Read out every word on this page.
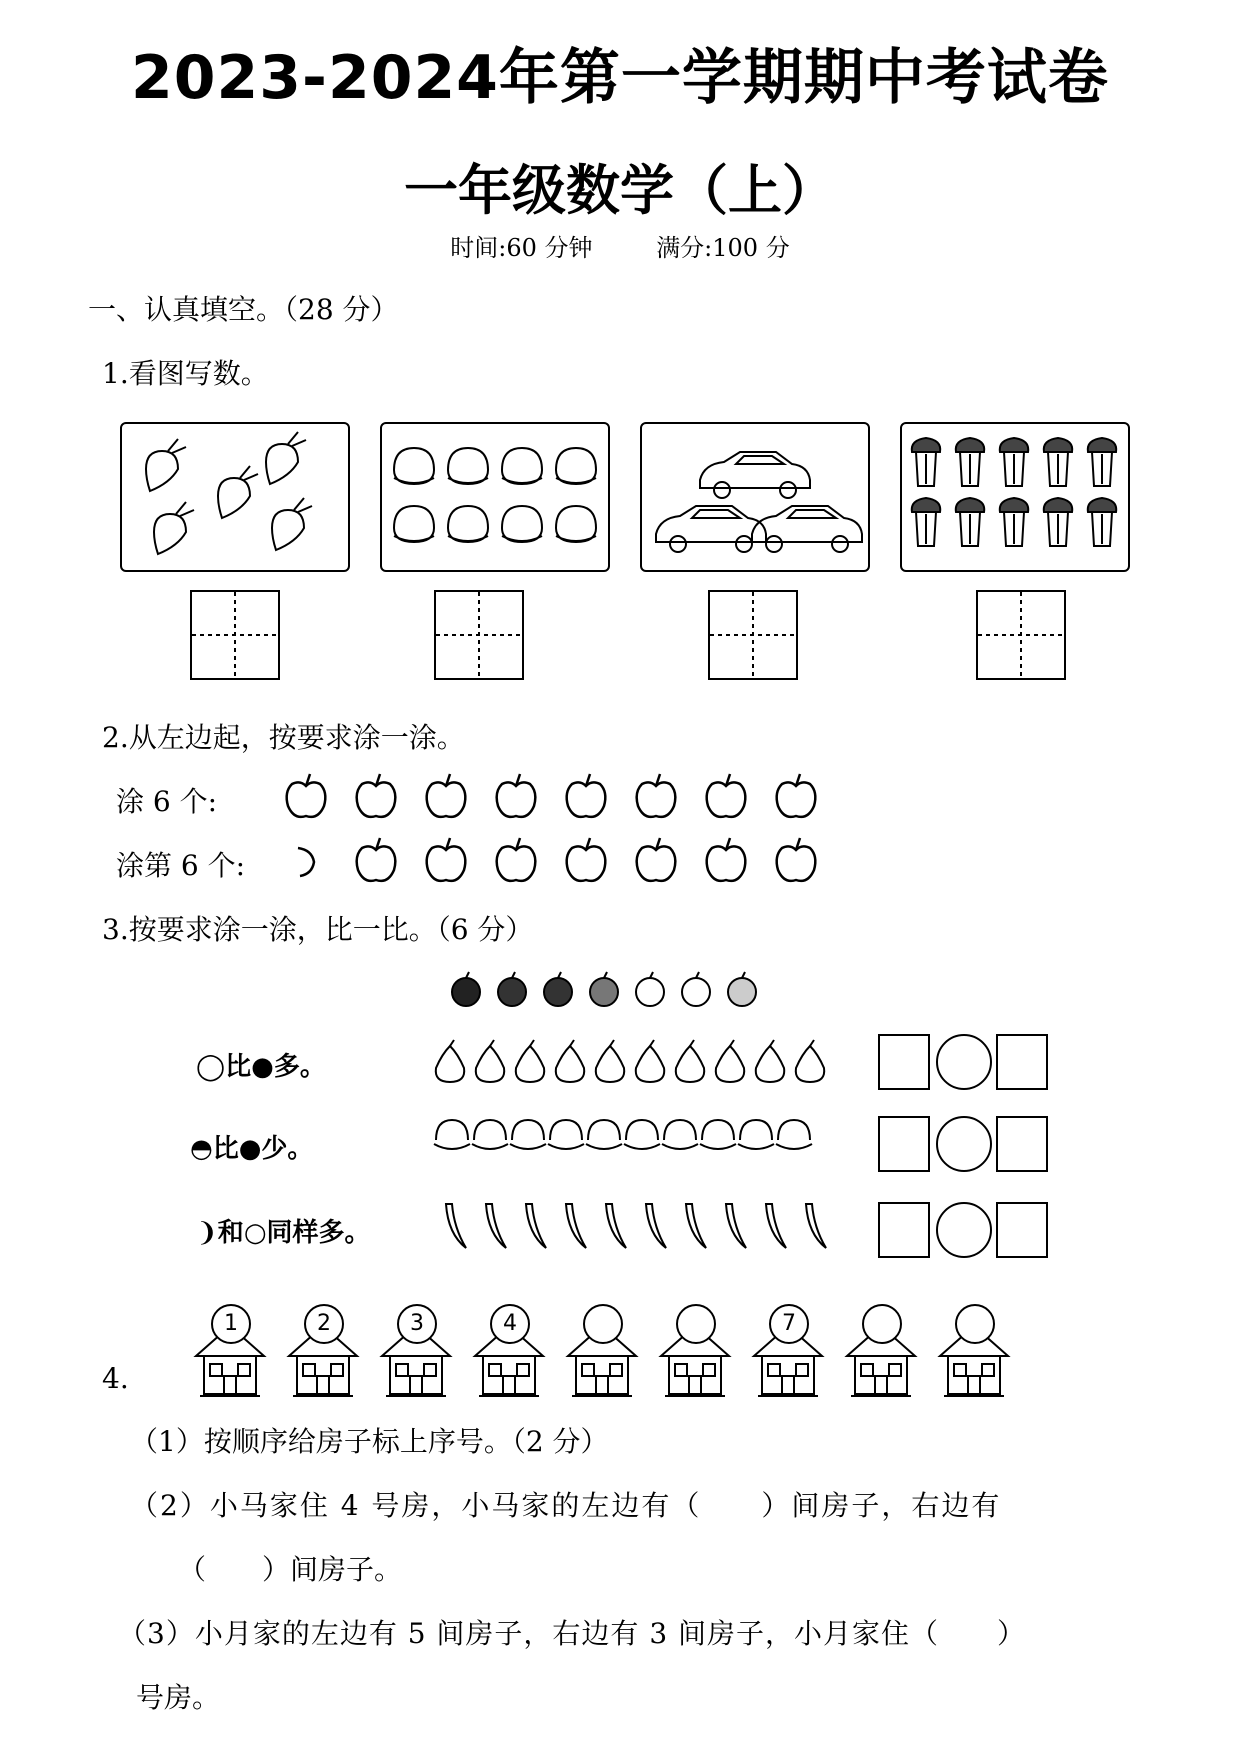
2023-2024年第一学期期中考试卷
一年级数学（上）
时间:60 分钟	满分:100 分
一、认真填空。（28 分）
1.看图写数。
2.从左边起，按要求涂一涂。
涂 6 个:
涂第 6 个:
3.按要求涂一涂，比一比。（6 分）
◯比●多。
◓比●少。
❩和○同样多。
4.
1	2	3	4	7
（1）按顺序给房子标上序号。（2 分）
（2）小马家住 4 号房，小马家的左边有（　　）间房子，右边有
（　　）间房子。
（3）小月家的左边有 5 间房子，右边有 3 间房子，小月家住（　　）
号房。
